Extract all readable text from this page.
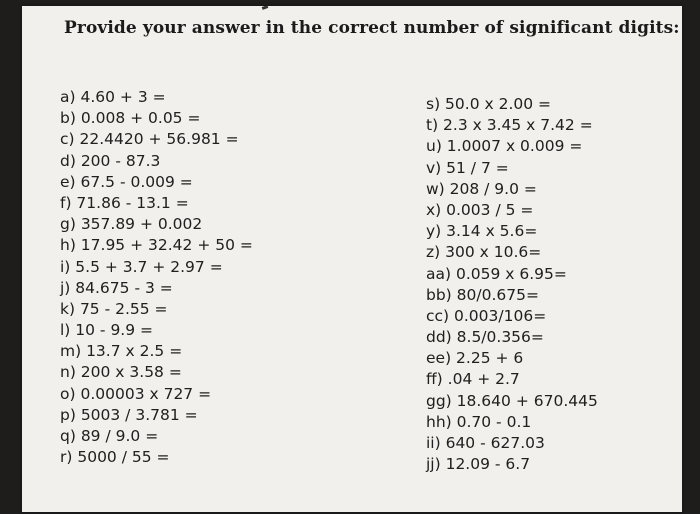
Provide your answer in the correct number of significant digits:
a) 4.60 + 3 =
b) 0.008 + 0.05 =
c) 22.4420 + 56.981 =
d) 200 - 87.3
e) 67.5 - 0.009 =
f) 71.86 - 13.1 =
g) 357.89 + 0.002
h) 17.95 + 32.42 + 50 =
i) 5.5 + 3.7 + 2.97 =
j) 84.675 - 3 =
k) 75 - 2.55 =
l) 10 - 9.9 =
m) 13.7 x 2.5 =
n) 200 x 3.58 =
o) 0.00003 x 727 =
p) 5003 / 3.781 =
q) 89 / 9.0 =
r) 5000 / 55 =
s) 50.0 x 2.00 =
t) 2.3 x 3.45 x 7.42 =
u) 1.0007 x 0.009 =
v) 51 / 7 =
w) 208 / 9.0 =
x) 0.003 / 5 =
y) 3.14 x 5.6=
z) 300 x 10.6=
aa) 0.059 x 6.95=
bb) 80/0.675=
cc) 0.003/106=
dd) 8.5/0.356=
ee) 2.25 + 6
ff) .04 + 2.7
gg) 18.640 + 670.445
hh) 0.70 - 0.1
ii) 640 - 627.03
jj) 12.09 - 6.7
